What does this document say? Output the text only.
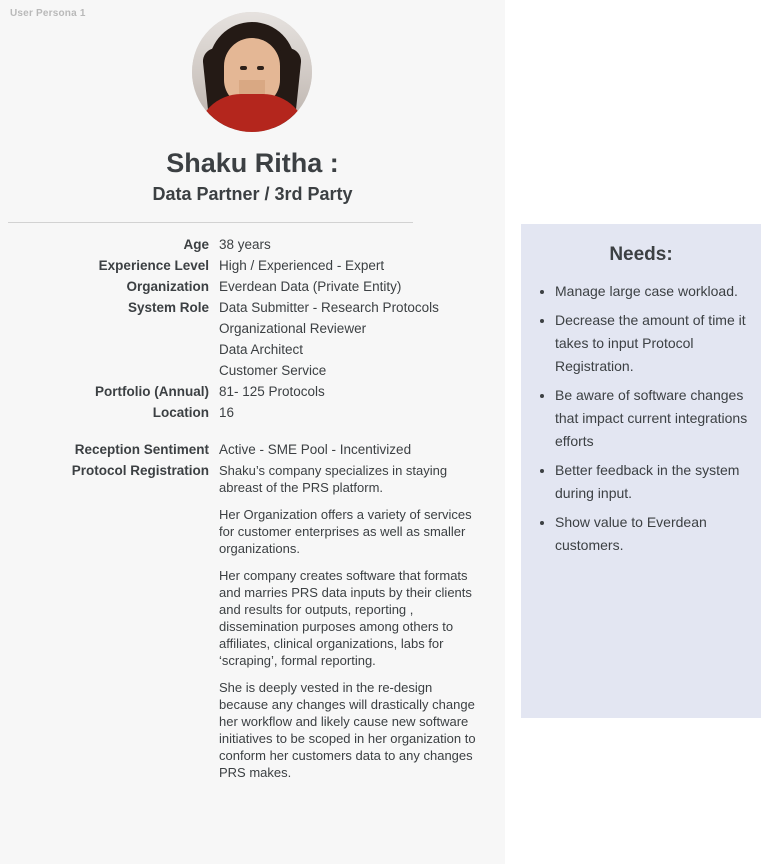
User Persona 1
Shaku Ritha :
Data Partner / 3rd Party
Age 38 years
Experience Level High / Experienced - Expert
Organization Everdean Data (Private Entity)
System Role Data Submitter - Research Protocols
Organizational Reviewer
Data Architect
Customer Service
Portfolio (Annual) 81- 125 Protocols
Location 16
Reception Sentiment Active - SME Pool - Incentivized
Protocol Registration Shaku’s company specializes in staying abreast of the PRS platform.
Her Organization offers a variety of services for customer enterprises as well as smaller organizations.
Her company creates software that formats and marries PRS data inputs by their clients and results for outputs, reporting , dissemination purposes among others to affiliates, clinical organizations, labs for ‘scraping’, formal reporting.
She is deeply vested in the re-design because any changes will drastically change her workflow and likely cause new software initiatives to be scoped in her organization to conform her customers data to any changes PRS makes.
Needs:
• Manage large case workload.
• Decrease the amount of time it takes to input Protocol Registration.
• Be aware of software changes that impact current integrations efforts
• Better feedback in the system during input.
• Show value to Everdean customers.
